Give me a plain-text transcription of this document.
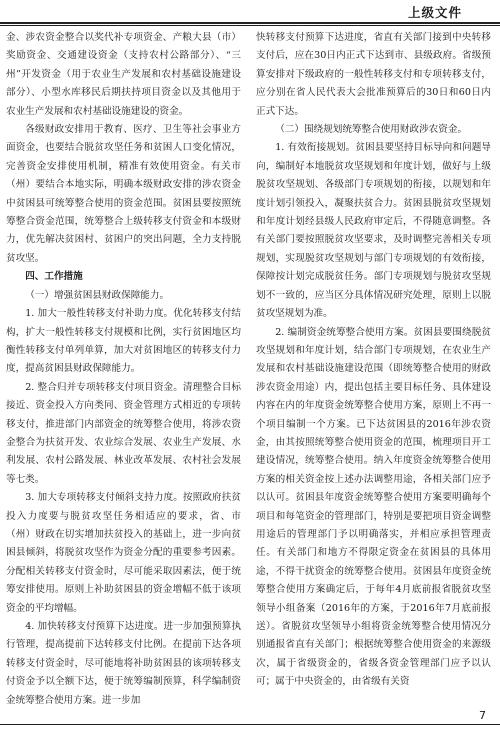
上级文件

金、涉农资金整合以奖代补专项资金、产粮大县（市）奖励资金、交通建设资金（支持农村公路部分）、“三州”开发资金（用于农业生产发展和农村基础设施建设部分）、小型水库移民后期扶持项目资金以及其他用于农业生产发展和农村基础设施建设的资金。

各级财政安排用于教育、医疗、卫生等社会事业方面资金，也要结合脱贫攻坚任务和贫困人口变化情况，完善资金安排使用机制，精准有效使用资金。有关市（州）要结合本地实际，明确本级财政安排的涉农资金中贫困县可统筹整合使用的资金范围。贫困县要按照统筹整合资金范围，统筹整合上级转移支付资金和本级财力，优先解决贫困村、贫困户的突出问题，全力支持脱贫攻坚。

四、工作措施

（一）增强贫困县财政保障能力。

1. 加大一般性转移支付补助力度。优化转移支付结构，扩大一般性转移支付规模和比例，实行贫困地区均衡性转移支付单列单算，加大对贫困地区的转移支付力度，提高贫困县财政保障能力。

2. 整合归并专项转移支付项目资金。清理整合目标接近、资金投入方向类同、资金管理方式相近的专项转移支付，推进部门内部资金的统筹整合使用，将涉农资金整合为扶贫开发、农业综合发展、农业生产发展、水利发展、农村公路发展、林业改革发展、农村社会发展等七类。

3. 加大专项转移支付倾斜支持力度。按照政府扶贫投入力度要与脱贫攻坚任务相适应的要求，省、市（州）财政在切实增加扶贫投入的基础上，进一步向贫困县倾斜，将脱贫攻坚作为资金分配的重要参考因素。分配相关转移支付资金时，尽可能采取因素法，便于统筹安排使用。原则上补助贫困县的资金增幅不低于该项资金的平均增幅。

4. 加快转移支付预算下达进度。进一步加强预算执行管理，提高提前下达转移支付比例。在提前下达各项转移支付资金时，尽可能地将补助贫困县的该项转移支付资金予以全额下达，便于统筹编制预算，科学编制资金统筹整合使用方案。进一步加

快转移支付预算下达进度，省直有关部门接到中央转移支付后，应在30日内正式下达到市、县级政府。省级预算安排对下级政府的一般性转移支付和专项转移支付，应分别在省人民代表大会批准预算后的30日和60日内正式下达。

（二）围绕规划统筹整合使用财政涉农资金。

1. 有效衔接规划。贫困县要坚持目标导向和问题导向，编制好本地脱贫攻坚规划和年度计划，做好与上级脱贫攻坚规划、各级部门专项规划的衔接，以规划和年度计划引领投入，凝聚扶贫合力。贫困县脱贫攻坚规划和年度计划经县级人民政府审定后，不得随意调整。各有关部门要按照脱贫攻坚要求，及时调整完善相关专项规划，实现脱贫攻坚规划与部门专项规划的有效衔接，保障按计划完成脱贫任务。部门专项规划与脱贫攻坚规划不一致的，应当区分具体情况研究处理，原则上以脱贫攻坚规划为准。

2. 编制资金统筹整合使用方案。贫困县要围绕脱贫攻坚规划和年度计划，结合部门专项规划，在农业生产发展和农村基础设施建设范围（即统筹整合使用的财政涉农资金用途）内，提出包括主要目标任务、具体建设内容在内的年度资金统筹整合使用方案，原则上不再一个项目编制一个方案。已下达贫困县的2016年涉农资金，由其按照统筹整合使用资金的范围，梳理项目开工建设情况，统筹整合使用。纳入年度资金统筹整合使用方案的相关资金按上述办法调整用途，各相关部门应予以认可。贫困县年度资金统筹整合使用方案要明确每个项目和每笔资金的管理部门，特别是要把项目资金调整用途后的管理部门予以明确落实，并相应承担管理责任。有关部门和地方不得限定资金在贫困县的具体用途，不得干扰资金的统筹整合使用。贫困县年度资金统筹整合使用方案确定后，于每年4月底前报省脱贫攻坚领导小组备案（2016年的方案，于2016年7月底前报送）。省脱贫攻坚领导小组将资金统筹整合使用情况分别通报省直有关部门；根据统筹整合使用资金的来源级次，属于省级资金的，省级各资金管理部门应予以认可；属于中央资金的，由省级有关资

7
